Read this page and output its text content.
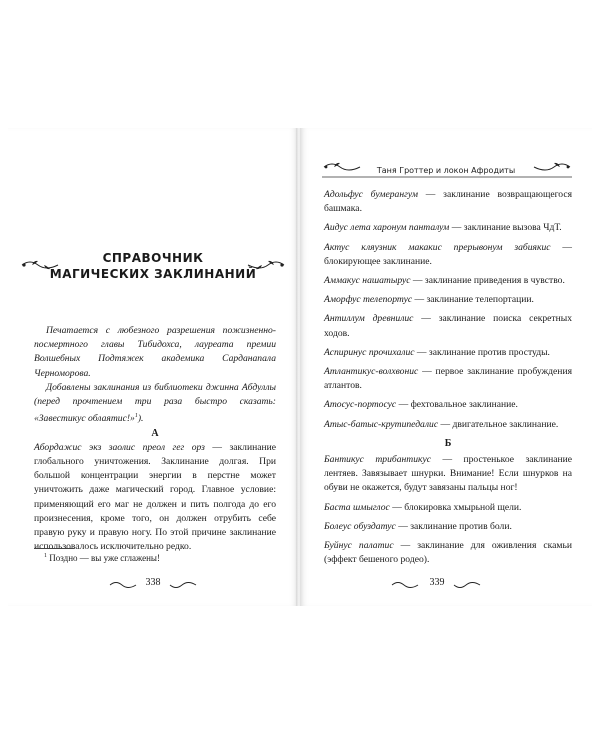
СПРАВОЧНИК
МАГИЧЕСКИХ ЗАКЛИНАНИЙ

Печатается с любезного разрешения пожизненно-посмертного главы Тибидохса, лауреата премии Волшебных Подтяжек академика Сарданапала Черноморова.

Добавлены заклинания из библиотеки джинна Абдуллы (перед прочтением три раза быстро сказать: «Завестикус облаятис!»$^1$).

А

Абордажис экз заолис преол гег орз — заклинание глобального уничтожения. Заклинание долгая. При большой концентрации энергии в перстне может уничтожить даже магический город. Главное условие: применяющий его маг не должен и пить полгода до его произнесения, кроме того, он должен отрубить себе правую руку и правую ногу. По этой причине заклинание использовалось исключительно редко.

$^1$ Поздно — вы уже сглажены!
338
Таня Гроттер и локон Афродиты

Адольфус бумерангум — заклинание возвращающегося башмака.

Аидус лета харонум панталум — заклинание вызова ЧдТ.

Актус кляузник макакис прерывонум забиякис — блокирующее заклинание.

Аммакус нашатырус — заклинание приведения в чувство.

Аморфус телепортус — заклинание телепортации.

Антиллум древнилис — заклинание поиска секретных ходов.

Аспиринус прочихалис — заклинание против простуды.

Атлантикус-волхвонис — первое заклинание пробуждения атлантов.

Атосус-портосус — фехтовальное заклинание.

Атыс-батыс-крутипедалис — двигательное заклинание.

Б

Бантикус трибантикус — простенькое заклинание лентяев. Завязывает шнурки. Внимание! Если шнурков на обуви не окажется, будут завязаны пальцы ног!

Баста шмыглос — блокировка хмырьной щели.

Болеус обуздатус — заклинание против боли.

Буйнус палатис — заклинание для оживления скамьи (эффект бешеного родео).

339
